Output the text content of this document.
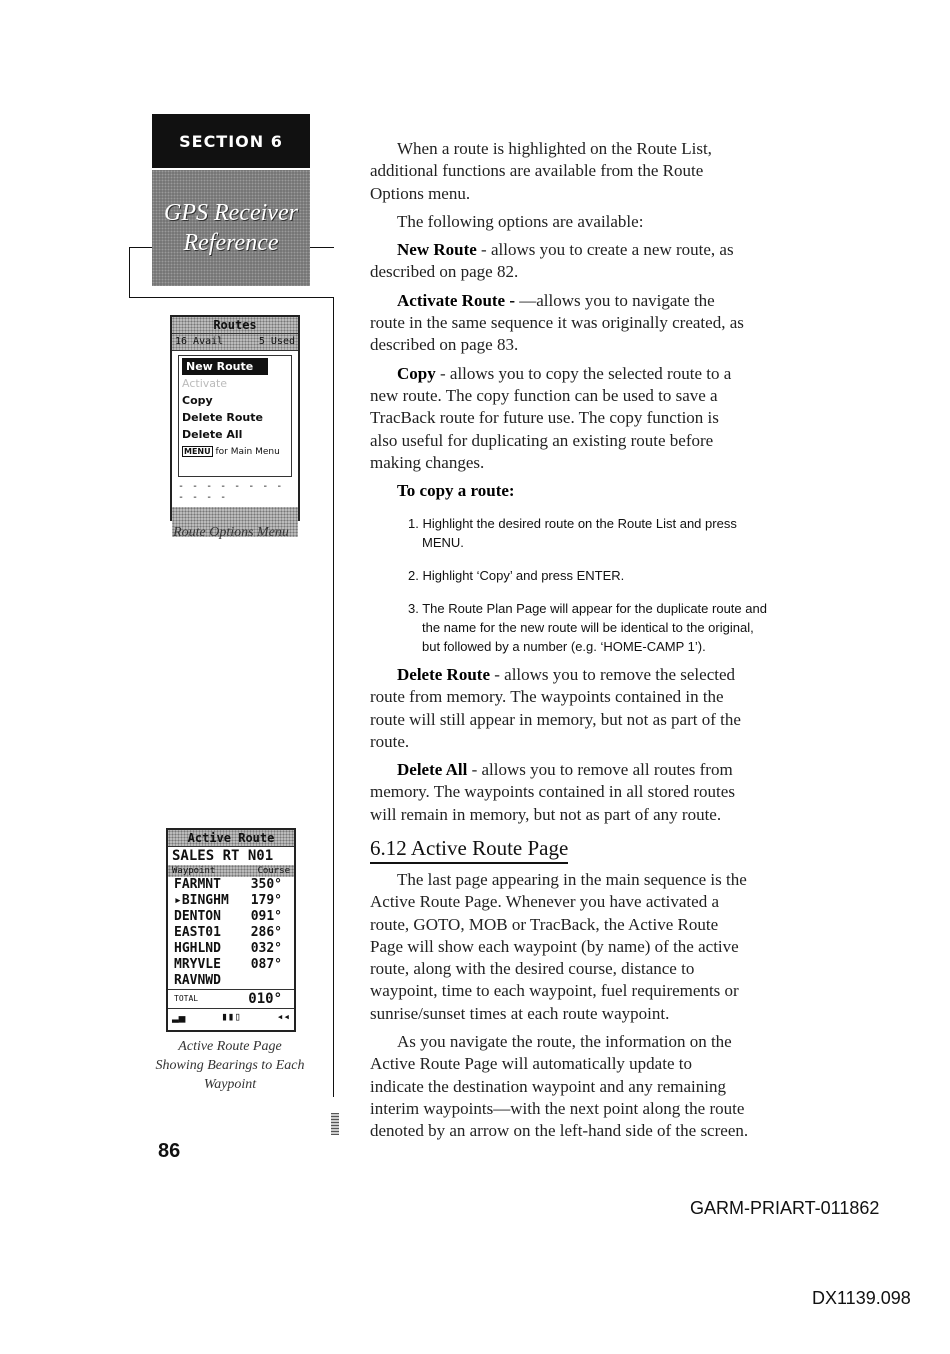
SECTION 6
GPS Receiver
Reference
Routes
16 Avail	5 Used
New Route
Activate
Copy
Delete Route
Delete All
MENU for Main Menu
- - - - - - - - - - - -
Route Options Menu
Active Route
SALES RT N01
Waypoint	Course
FARMNT 350°
▸BINGHM 179°
DENTON 091°
EAST01 286°
HGHLND 032°
MRYVLE 087°
RAVNWD
TOTAL	010°
▂▄	▮▮▯	◂◂
Active Route Page
Showing Bearings to Each
Waypoint
86

When a route is highlighted on the Route List, additional functions are available from the Route Options menu.

The following options are available:

New Route - allows you to create a new route, as described on page 82.

Activate Route - —allows you to navigate the route in the same sequence it was originally created, as described on page 83.

Copy - allows you to copy the selected route to a new route. The copy function can be used to save a TracBack route for future use. The copy function is also useful for duplicating an existing route before making changes.

To copy a route:

1. Highlight the desired route on the Route List and press MENU.
2. Highlight ‘Copy’ and press ENTER.
3. The Route Plan Page will appear for the duplicate route and the name for the new route will be identical to the original, but followed by a number (e.g. ‘HOME-CAMP 1’).

Delete Route - allows you to remove the selected route from memory. The waypoints contained in the route will still appear in memory, but not as part of the route.

Delete All - allows you to remove all routes from memory. The waypoints contained in all stored routes will remain in memory, but not as part of any route.

6.12 Active Route Page

The last page appearing in the main sequence is the Active Route Page. Whenever you have activated a route, GOTO, MOB or TracBack, the Active Route Page will show each waypoint (by name) of the active route, along with the desired course, distance to waypoint, time to each waypoint, fuel requirements or sunrise/sunset times at each route waypoint.

As you navigate the route, the information on the Active Route Page will automatically update to indicate the destination waypoint and any remaining interim waypoints—with the next point along the route denoted by an arrow on the left-hand side of the screen.

GARM-PRIART-011862
DX1139.098
